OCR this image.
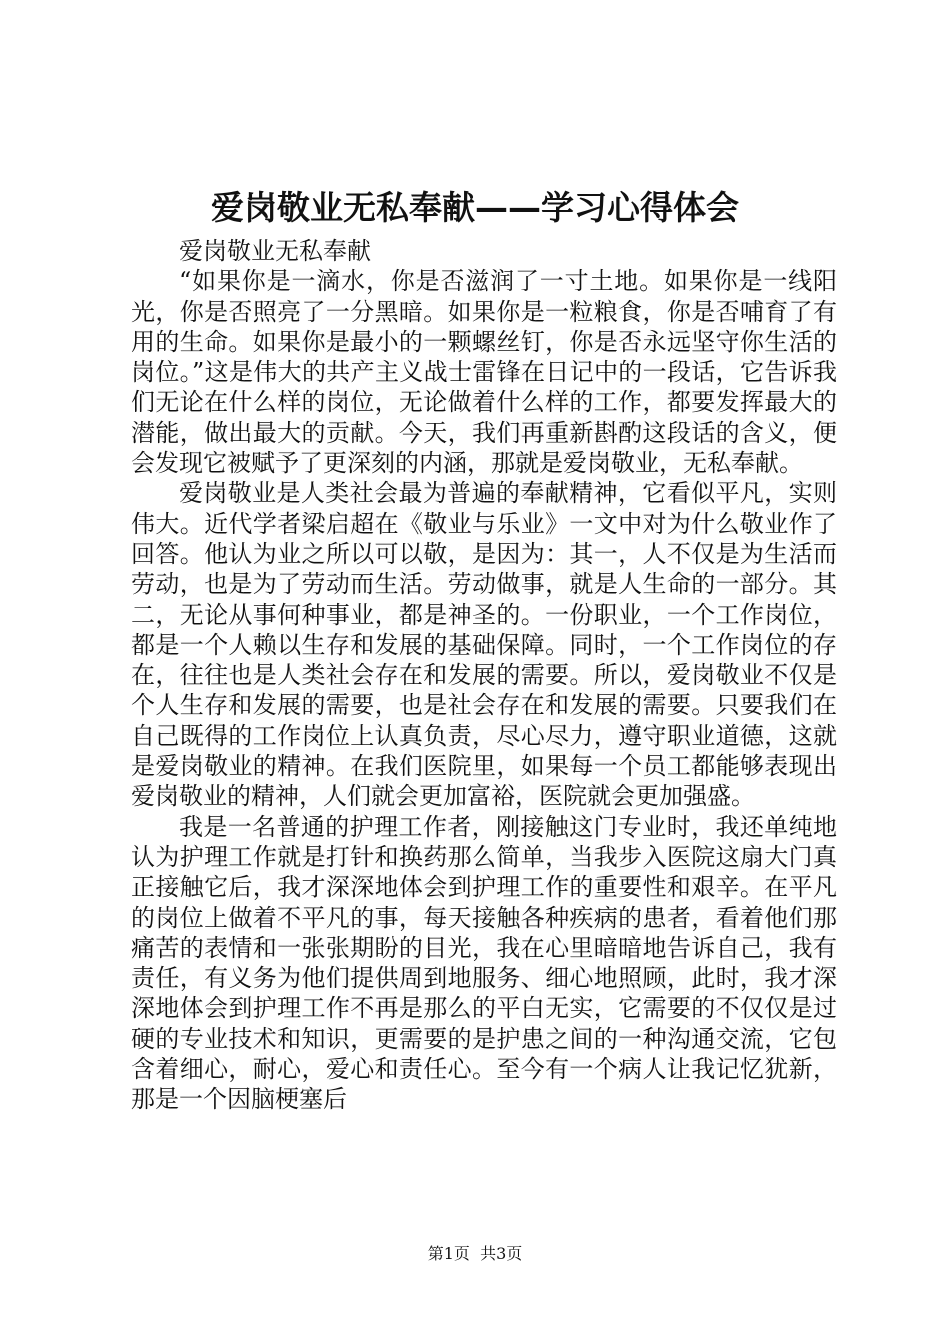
爱岗敬业无私奉献——学习心得体会

爱岗敬业无私奉献

“如果你是一滴水，你是否滋润了一寸土地。如果你是一线阳光，你是否照亮了一分黑暗。如果你是一粒粮食，你是否哺育了有用的生命。如果你是最小的一颗螺丝钉，你是否永远坚守你生活的岗位。”这是伟大的共产主义战士雷锋在日记中的一段话，它告诉我们无论在什么样的岗位，无论做着什么样的工作，都要发挥最大的潜能，做出最大的贡献。今天，我们再重新斟酌这段话的含义，便会发现它被赋予了更深刻的内涵，那就是爱岗敬业，无私奉献。

爱岗敬业是人类社会最为普遍的奉献精神，它看似平凡，实则伟大。近代学者梁启超在《敬业与乐业》一文中对为什么敬业作了回答。他认为业之所以可以敬，是因为：其一，人不仅是为生活而劳动，也是为了劳动而生活。劳动做事，就是人生命的一部分。其二，无论从事何种事业，都是神圣的。一份职业，一个工作岗位，都是一个人赖以生存和发展的基础保障。同时，一个工作岗位的存在，往往也是人类社会存在和发展的需要。所以，爱岗敬业不仅是个人生存和发展的需要，也是社会存在和发展的需要。只要我们在自己既得的工作岗位上认真负责，尽心尽力，遵守职业道德，这就是爱岗敬业的精神。在我们医院里，如果每一个员工都能够表现出爱岗敬业的精神，人们就会更加富裕，医院就会更加强盛。

我是一名普通的护理工作者，刚接触这门专业时，我还单纯地认为护理工作就是打针和换药那么简单，当我步入医院这扇大门真正接触它后，我才深深地体会到护理工作的重要性和艰辛。在平凡的岗位上做着不平凡的事，每天接触各种疾病的患者，看着他们那痛苦的表情和一张张期盼的目光，我在心里暗暗地告诉自己，我有责任，有义务为他们提供周到地服务、细心地照顾，此时，我才深深地体会到护理工作不再是那么的平白无实，它需要的不仅仅是过硬的专业技术和知识，更需要的是护患之间的一种沟通交流，它包含着细心，耐心，爱心和责任心。至今有一个病人让我记忆犹新，那是一个因脑梗塞后

第1页 共3页
